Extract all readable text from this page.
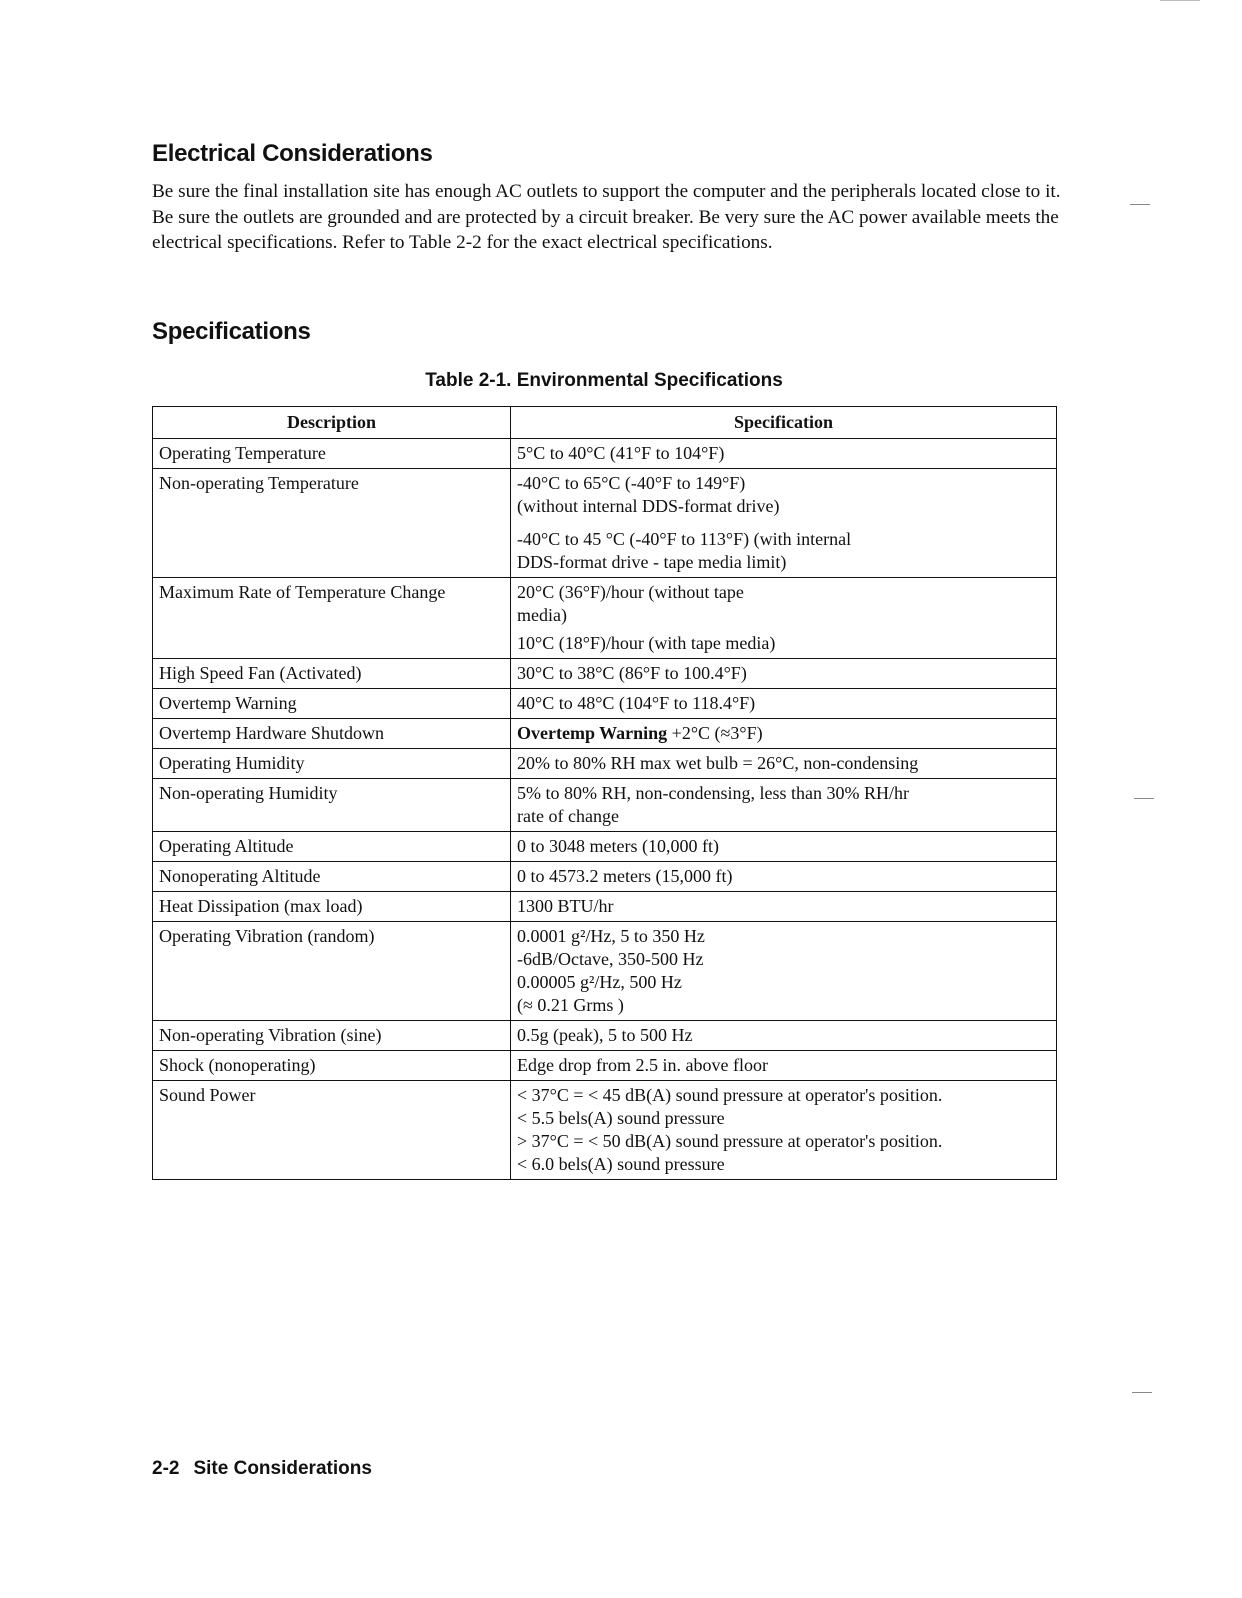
Electrical Considerations

Be sure the final installation site has enough AC outlets to support the computer and the peripherals located close to it. Be sure the outlets are grounded and are protected by a circuit breaker. Be very sure the AC power available meets the electrical specifications. Refer to Table 2-2 for the exact electrical specifications.

Specifications

Table 2-1. Environmental Specifications

Description	Specification
Operating Temperature	5°C to 40°C (41°F to 104°F)

Non-operating Temperature	-40°C to 65°C (-40°F to 149°F)
(without internal DDS-format drive)
-40°C to 45 °C (-40°F to 113°F) (with internal
DDS-format drive - tape media limit)

Maximum Rate of Temperature Change	20°C (36°F)/hour (without tape
media)
10°C (18°F)/hour (with tape media)

High Speed Fan (Activated)	30°C to 38°C (86°F to 100.4°F)

Overtemp Warning	40°C to 48°C (104°F to 118.4°F)

Overtemp Hardware Shutdown	Overtemp Warning +2°C (≈3°F)
Operating Humidity	20% to 80% RH max wet bulb = 26°C, non-condensing

Non-operating Humidity	5% to 80% RH, non-condensing, less than 30% RH/hr
rate of change

Operating Altitude	0 to 3048 meters (10,000 ft)

Nonoperating Altitude	0 to 4573.2 meters (15,000 ft)

Heat Dissipation (max load)	1300 BTU/hr

Operating Vibration (random)	0.0001 g²/Hz, 5 to 350 Hz
-6dB/Octave, 350-500 Hz
0.00005 g²/Hz, 500 Hz
(≈ 0.21 Grms )

Non-operating Vibration (sine)	0.5g (peak), 5 to 500 Hz

Shock (nonoperating)	Edge drop from 2.5 in. above floor

Sound Power	< 37°C = < 45 dB(A) sound pressure at operator's position.
< 5.5 bels(A) sound pressure
> 37°C = < 50 dB(A) sound pressure at operator's position.
< 6.0 bels(A) sound pressure
2-2 Site Considerations
